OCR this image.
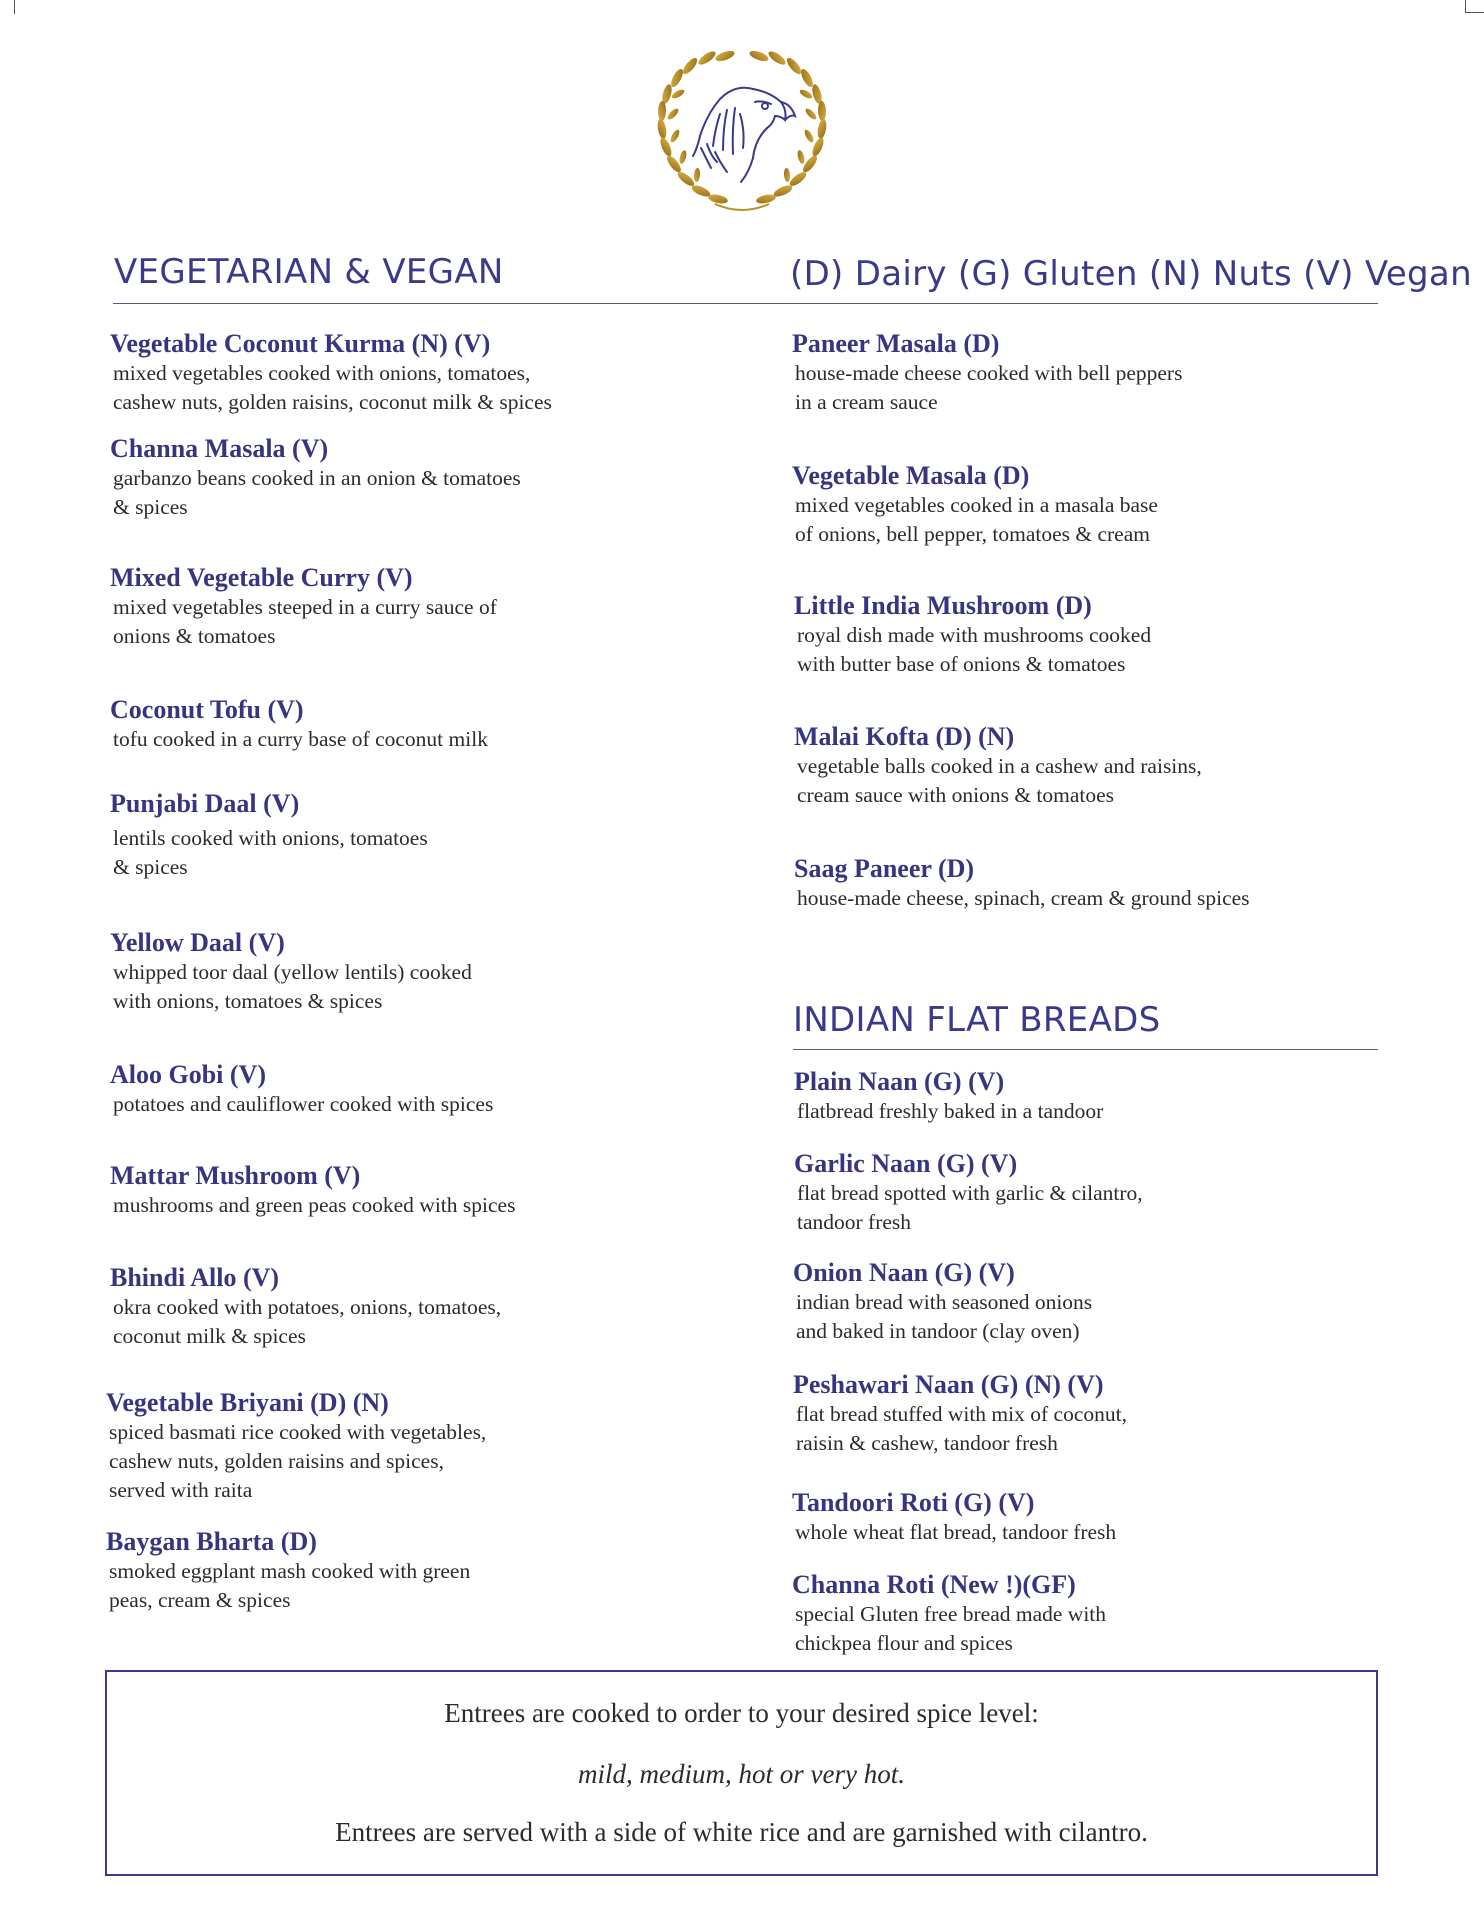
VEGETARIAN & VEGAN	(D) Dairy (G) Gluten (N) Nuts (V) Vegan
Vegetable Coconut Kurma (N) (V)
mixed vegetables cooked with onions, tomatoes,
cashew nuts, golden raisins, coconut milk & spices
Channa Masala (V)
garbanzo beans cooked in an onion & tomatoes
& spices
Mixed Vegetable Curry (V)
mixed vegetables steeped in a curry sauce of
onions & tomatoes
Coconut Tofu (V)
tofu cooked in a curry base of coconut milk
Punjabi Daal (V)
lentils cooked with onions, tomatoes
& spices
Yellow Daal (V)
whipped toor daal (yellow lentils) cooked
with onions, tomatoes & spices
Aloo Gobi (V)
potatoes and cauliflower cooked with spices
Mattar Mushroom (V)
mushrooms and green peas cooked with spices
Bhindi Allo (V)
okra cooked with potatoes, onions, tomatoes,
coconut milk & spices
Vegetable Briyani (D) (N)
spiced basmati rice cooked with vegetables,
cashew nuts, golden raisins and spices,
served with raita
Baygan Bharta (D)
smoked eggplant mash cooked with green
peas, cream & spices
Paneer Masala (D)
house-made cheese cooked with bell peppers
in a cream sauce
Vegetable Masala (D)
mixed vegetables cooked in a masala base
of onions, bell pepper, tomatoes & cream
Little India Mushroom (D)
royal dish made with mushrooms cooked
with butter base of onions & tomatoes
Malai Kofta (D) (N)
vegetable balls cooked in a cashew and raisins,
cream sauce with onions & tomatoes
Saag Paneer (D)
house-made cheese, spinach, cream & ground spices
INDIAN FLAT BREADS
Plain Naan (G) (V)
flatbread freshly baked in a tandoor
Garlic Naan (G) (V)
flat bread spotted with garlic & cilantro,
tandoor fresh
Onion Naan (G) (V)
indian bread with seasoned onions
and baked in tandoor (clay oven)
Peshawari Naan (G) (N) (V)
flat bread stuffed with mix of coconut,
raisin & cashew, tandoor fresh
Tandoori Roti (G) (V)
whole wheat flat bread, tandoor fresh
Channa Roti (New !)(GF)
special Gluten free bread made with
chickpea flour and spices

Entrees are cooked to order to your desired spice level:

mild, medium, hot or very hot.

Entrees are served with a side of white rice and are garnished with cilantro.
